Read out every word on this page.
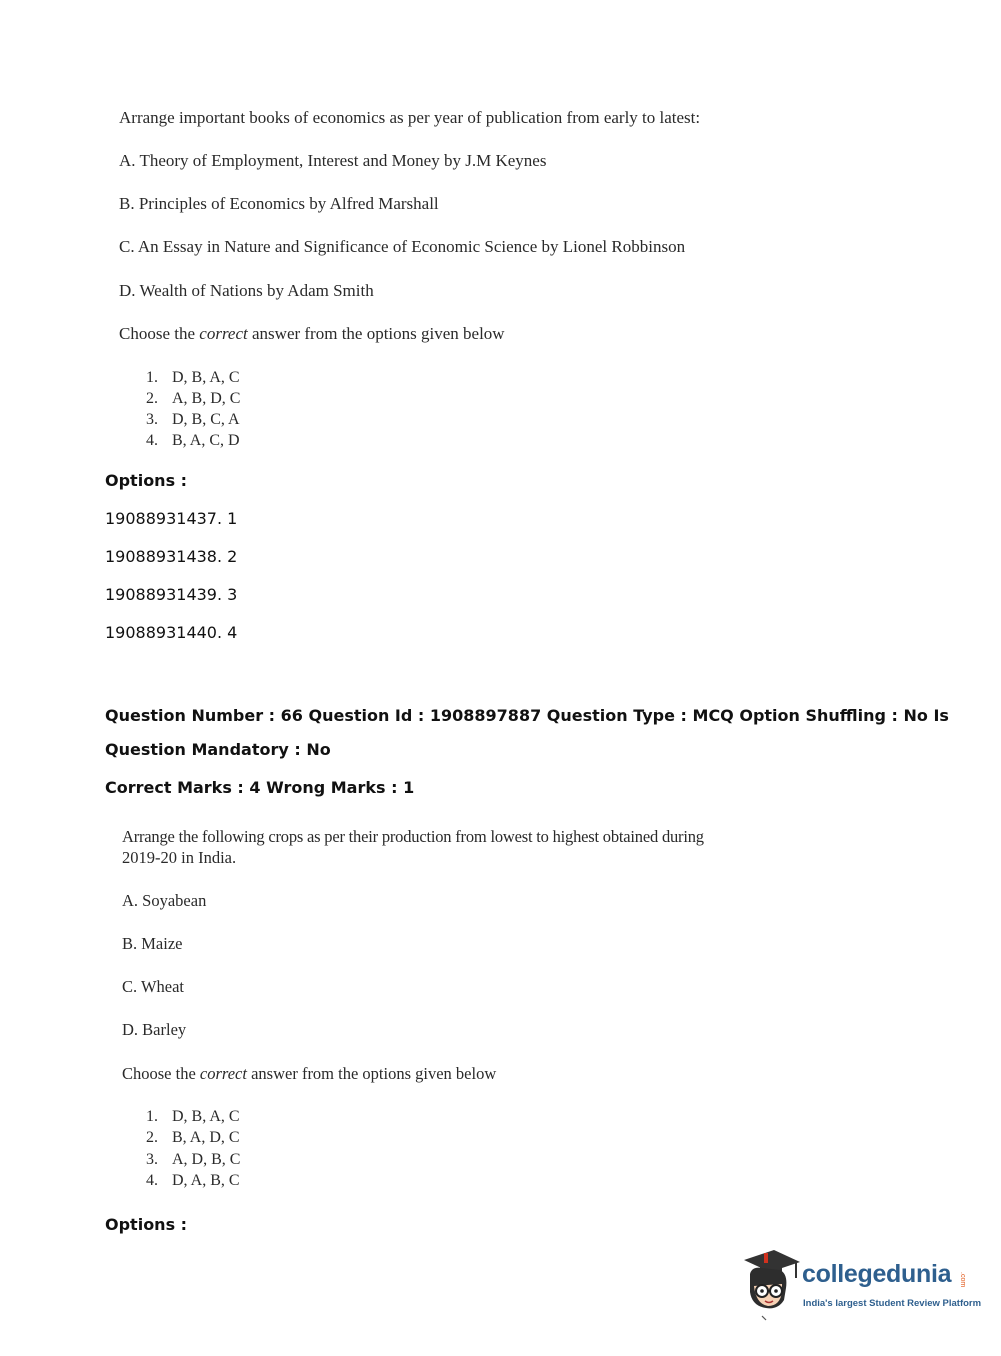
Arrange important books of economics as per year of publication from early to latest:
A. Theory of Employment, Interest and Money by J.M Keynes
B. Principles of Economics by Alfred Marshall
C. An Essay in Nature and Significance of Economic Science by Lionel Robbinson
D. Wealth of Nations by Adam Smith
Choose the correct answer from the options given below
1. D, B, A, C
2. A, B, D, C
3. D, B, C, A
4. B, A, C, D
Options :
19088931437. 1
19088931438. 2
19088931439. 3
19088931440. 4
Question Number : 66 Question Id : 1908897887 Question Type : MCQ Option Shuffling : No Is
Question Mandatory : No
Correct Marks : 4 Wrong Marks : 1
Arrange the following crops as per their production from lowest to highest obtained during
2019-20 in India.
A. Soyabean
B. Maize
C. Wheat
D. Barley
Choose the correct answer from the options given below
1. D, B, A, C
2. B, A, D, C
3. A, D, B, C
4. D, A, B, C
Options :
collegedunia .com
India's largest Student Review Platform
